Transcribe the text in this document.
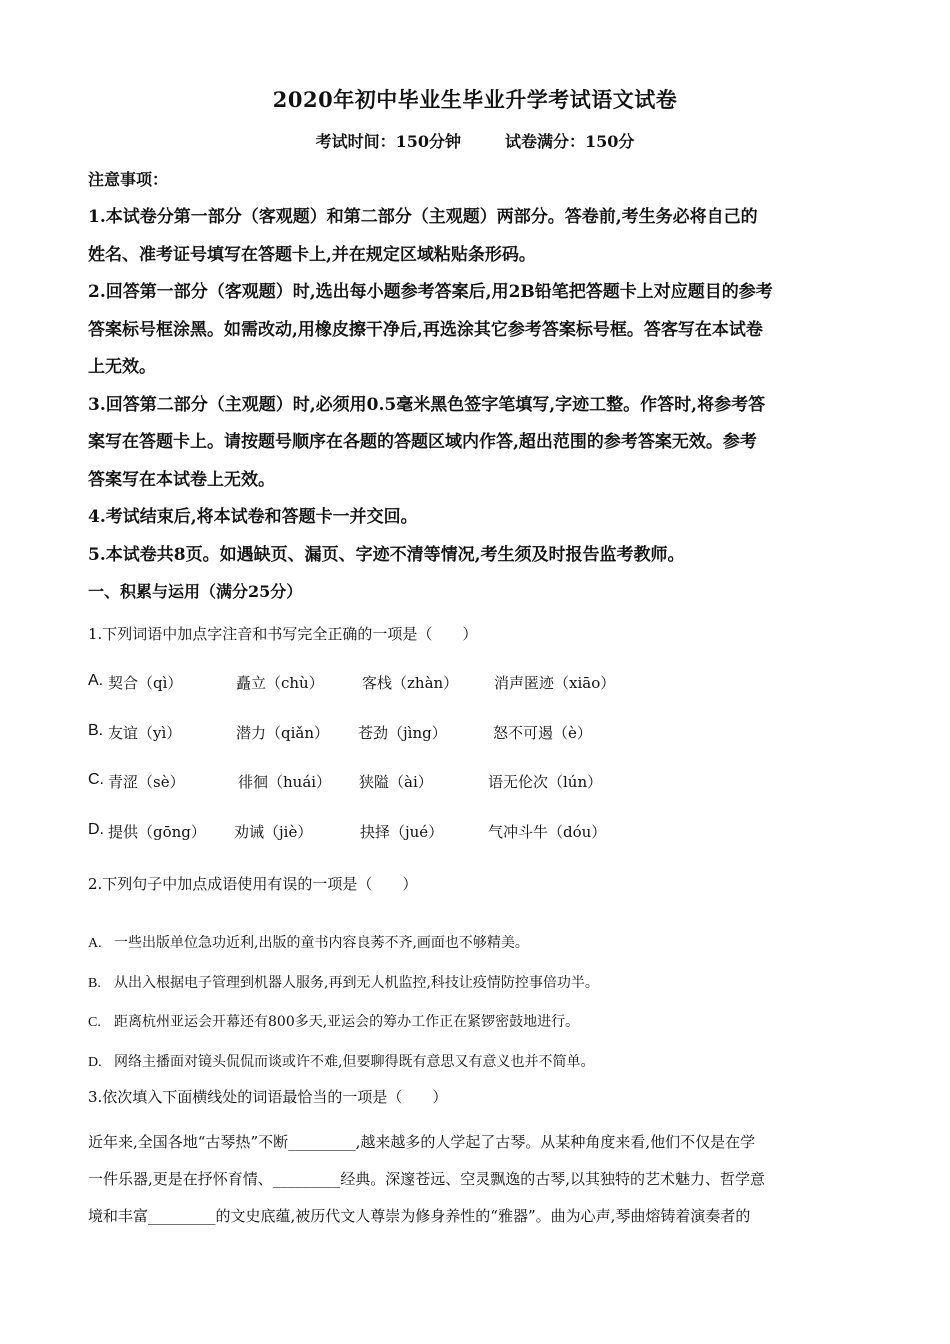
2020年初中毕业生毕业升学考试语文试卷
考试时间：150分钟	试卷满分：150分
注意事项：

1.本试卷分第一部分（客观题）和第二部分（主观题）两部分。答卷前,考生务必将自己的

姓名、准考证号填写在答题卡上,并在规定区域粘贴条形码。

2.回答第一部分（客观题）时,选出每小题参考答案后,用2B铅笔把答题卡上对应题目的参考

答案标号框涂黑。如需改动,用橡皮擦干净后,再选涂其它参考答案标号框。答客写在本试卷

上无效。

3.回答第二部分（主观题）时,必须用0.5毫米黑色签字笔填写,字迹工整。作答时,将参考答

案写在答题卡上。请按题号顺序在各题的答题区域内作答,超出范围的参考答案无效。参考

答案写在本试卷上无效。

4.考试结束后,将本试卷和答题卡一并交回。

5.本试卷共8页。如遇缺页、漏页、字迹不清等情况,考生须及时报告监考教师。

一、积累与运用（满分25分）
1.下列词语中加点字注音和书写完全正确的一项是（　　）
A. 契合（qì）	矗立（chù）	客栈（zhàn） 消声匿迹（xiāo）
B. 友谊（yì）	潜力（qiǎn） 苍劲（jìng）	怒不可遏（è）
C. 青涩（sè）	徘徊（huái） 狭隘（ài）	语无伦次（lún）
D. 提供（gōng） 劝诫（jiè）	抉择（jué）	气冲斗牛（dóu）
2.下列句子中加点成语使用有误的一项是（　　）

A. 一些出版单位急功近利,出版的童书内容良莠不齐,画面也不够精美。

B. 从出入根据电子管理到机器人服务,再到无人机监控,科技让疫情防控事倍功半。

C. 距离杭州亚运会开幕还有800多天,亚运会的筹办工作正在紧锣密鼓地进行。

D. 网络主播面对镜头侃侃而谈或许不难,但要聊得既有意思又有意义也并不简单。

3.依次填入下面横线处的词语最恰当的一项是（　　）

近年来,全国各地“古琴热”不断_________,越来越多的人学起了古琴。从某种角度来看,他们不仅是在学

一件乐器,更是在抒怀育情、_________经典。深邃苍远、空灵飘逸的古琴,以其独特的艺术魅力、哲学意

境和丰富_________的文史底蕴,被历代文人尊崇为修身养性的“雅器”。曲为心声,琴曲熔铸着演奏者的
